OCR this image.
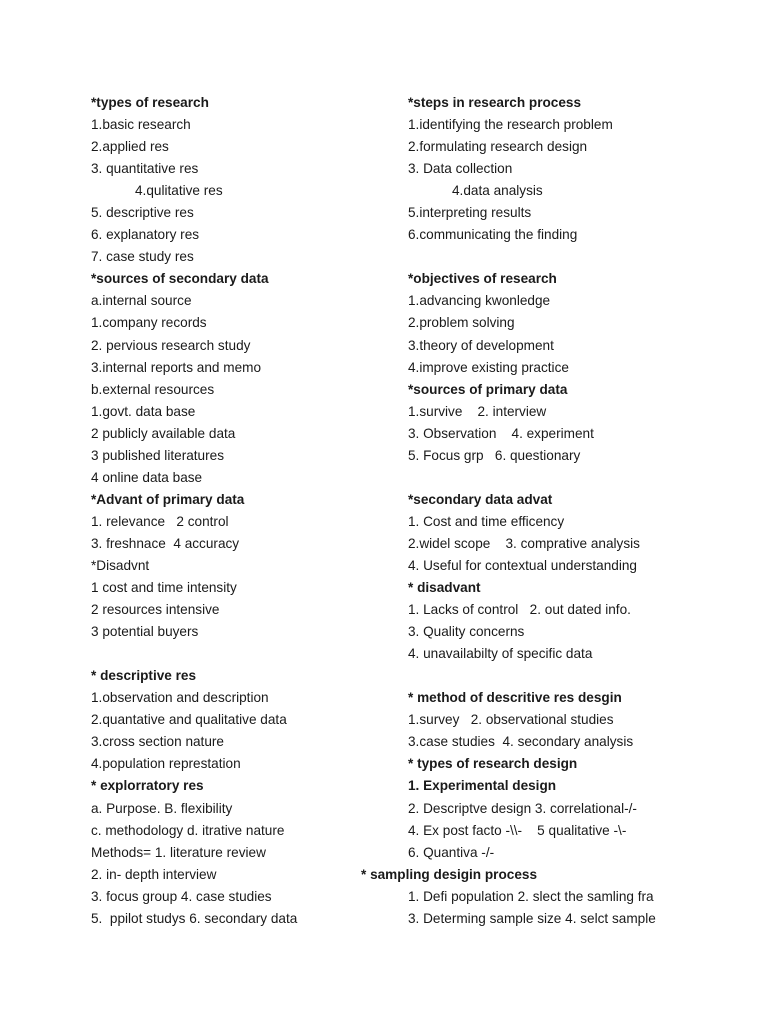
*types of research
1.basic research
2.applied res
3. quantitative res
4.qulitative res
5. descriptive res
6. explanatory res
7. case study res
*sources of secondary data
a.internal source
1.company records
2. pervious research study
3.internal reports and memo
b.external resources
1.govt. data base
2 publicly available data
3 published literatures
4 online data base
*Advant of primary data
1. relevance   2 control
3. freshnace  4 accuracy
*Disadvnt
1 cost and time intensity
2 resources intensive
3 potential buyers
* descriptive res
1.observation and description
2.quantative and qualitative data
3.cross section nature
4.population represtation
* explorratory res
a. Purpose. B. flexibility
c. methodology d. itrative nature
Methods= 1. literature review
2. in- depth interview
3. focus group 4. case studies
5.  ppilot studys 6. secondary data
*steps in research process
1.identifying the research problem
2.formulating research design
3. Data collection
4.data analysis
5.interpreting results
6.communicating the finding
*objectives of research
1.advancing kwonledge
2.problem solving
3.theory of development
4.improve existing practice
*sources of primary data
1.survive    2. interview
3. Observation    4. experiment
5. Focus grp   6. questionary
*secondary data advat
1. Cost and time efficency
2.widel scope    3. comprative analysis
4. Useful for contextual understanding
* disadvant
1. Lacks of control   2. out dated info.
3. Quality concerns
4. unavailabilty of specific data
* method of descritive res desgin
1.survey   2. observational studies
3.case studies  4. secondary analysis
* types of research design
1. Experimental design
2. Descriptve design 3. correlational-/-
4. Ex post facto -\\-    5 qualitative -\-
6. Quantiva -/-
* sampling desigin process
1. Defi population 2. slect the samling fra
3. Determing sample size 4. selct sample
